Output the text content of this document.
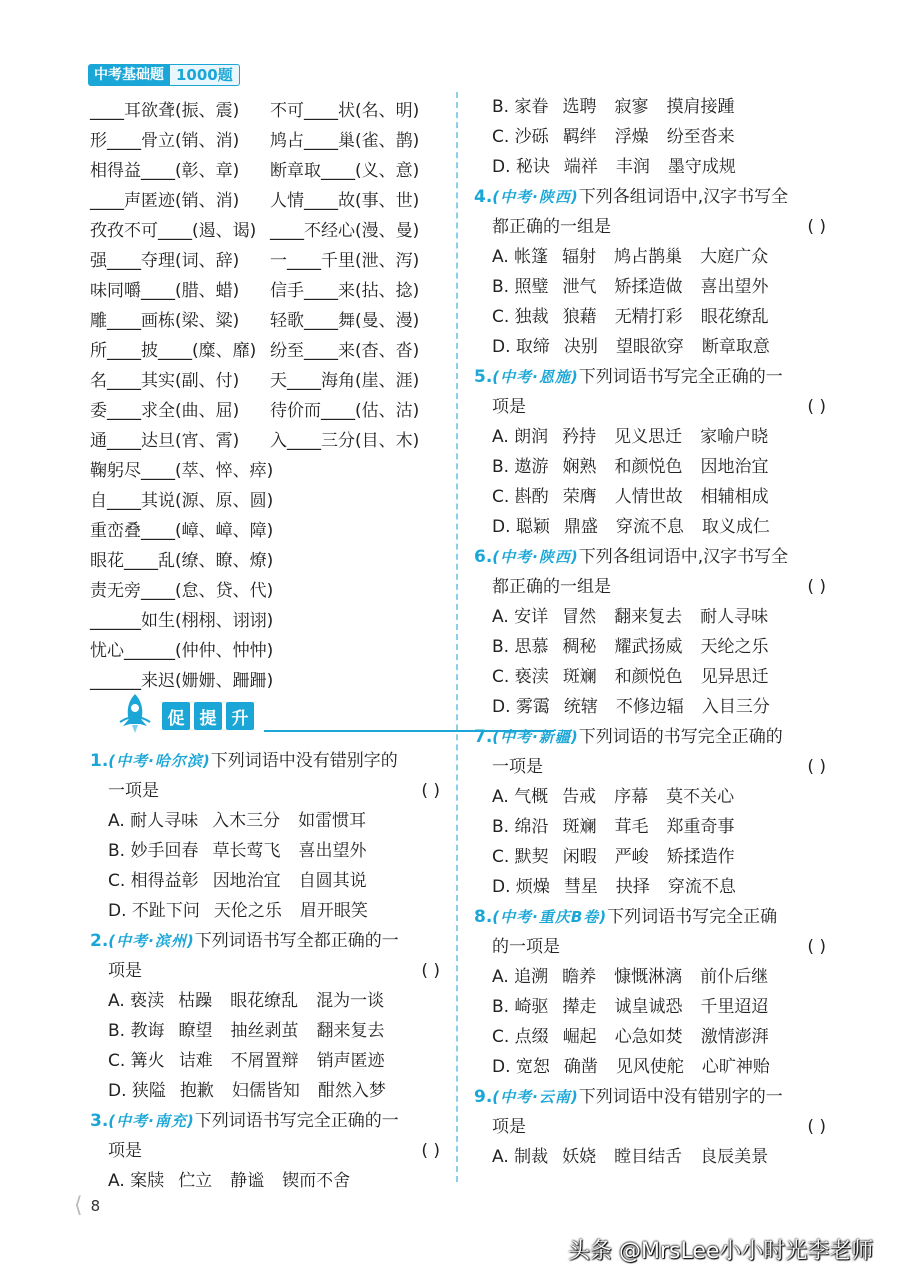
中考基础题 1000题
____耳欲聋(振、震)	不可____状(名、明)
形____骨立(销、消)	鸠占____巢(雀、鹊)
相得益____(彰、章)	断章取____(义、意)
____声匿迹(销、消)	人情____故(事、世)
孜孜不可____(遏、谒) ____不经心(漫、曼)
强____夺理(词、辞)	一____千里(泄、泻)
味同嚼____(腊、蜡)	信手____来(拈、捻)
雕____画栋(梁、粱)	轻歌____舞(曼、漫)
所____披____(糜、靡) 纷至____来(杳、沓)
名____其实(副、付)	天____海角(崖、涯)
委____求全(曲、屈)	待价而____(估、沽)
通____达旦(宵、霄)	入____三分(目、木)
鞠躬尽____(萃、悴、瘁)
自____其说(源、原、圆)
重峦叠____(嶂、嶂、障)
眼花____乱(缭、瞭、燎)
责无旁____(怠、贷、代)
______如生(栩栩、诩诩)
忧心______(仲仲、忡忡)
______来迟(姗姗、跚跚)
促 提 升
1.(中考·哈尔滨)下列词语中没有错别字的
一项是	( )
A. 耐人寻味 入木三分 如雷惯耳
B. 妙手回春 草长莺飞 喜出望外
C. 相得益彰 因地治宜 自圆其说
D. 不趾下问 天伦之乐 眉开眼笑
2.(中考·滨州)下列词语书写全都正确的一
项是	( )
A. 亵渎 枯躁 眼花缭乱 混为一谈
B. 教诲 瞭望 抽丝剥茧 翻来复去
C. 篝火 诘难 不屑置辩 销声匿迹
D. 狭隘 抱歉 妇儒皆知 酣然入梦
3.(中考·南充)下列词语书写完全正确的一
项是	( )
A. 案牍 伫立 静谧 锲而不舍
B. 家眷 选聘 寂寥 摸肩接踵
C. 沙砾 羁绊 浮燥 纷至沓来
D. 秘诀 端祥 丰润 墨守成规
4.(中考·陕西)下列各组词语中,汉字书写全
都正确的一组是	( )
A. 帐篷 辐射 鸠占鹊巢 大庭广众
B. 照璧 泄气 矫揉造做 喜出望外
C. 独裁 狼藉 无精打彩 眼花缭乱
D. 取缔 决别 望眼欲穿 断章取意
5.(中考·恩施)下列词语书写完全正确的一
项是	( )
A. 朗润 矜持 见义思迁 家喻户晓
B. 遨游 娴熟 和颜悦色 因地治宜
C. 斟酌 荣膺 人情世故 相辅相成
D. 聪颖 鼎盛 穿流不息 取义成仁
6.(中考·陕西)下列各组词语中,汉字书写全
都正确的一组是	( )
A. 安详 冒然 翻来复去 耐人寻味
B. 思慕 稠秘 耀武扬威 天纶之乐
C. 亵渎 斑斓 和颜悦色 见异思迁
D. 雾霭 统辖 不修边辐 入目三分
7.(中考·新疆)下列词语的书写完全正确的
一项是	( )
A. 气概 告戒 序幕 莫不关心
B. 绵沿 斑斓 茸毛 郑重奇事
C. 默契 闲暇 严峻 矫揉造作
D. 烦燥 彗星 抉择 穿流不息
8.(中考·重庆B卷)下列词语书写完全正确
的一项是	( )
A. 追溯 瞻养 慷慨淋漓 前仆后继
B. 崎驱 撵走 诚皇诚恐 千里迢迢
C. 点缀 崛起 心急如焚 激情澎湃
D. 宽恕 确凿 见风使舵 心旷神贻
9.(中考·云南)下列词语中没有错别字的一
项是	( )
A. 制裁 妖娆 瞠目结舌 良辰美景
⟨ 8
头条 @MrsLee小小时光李老师
